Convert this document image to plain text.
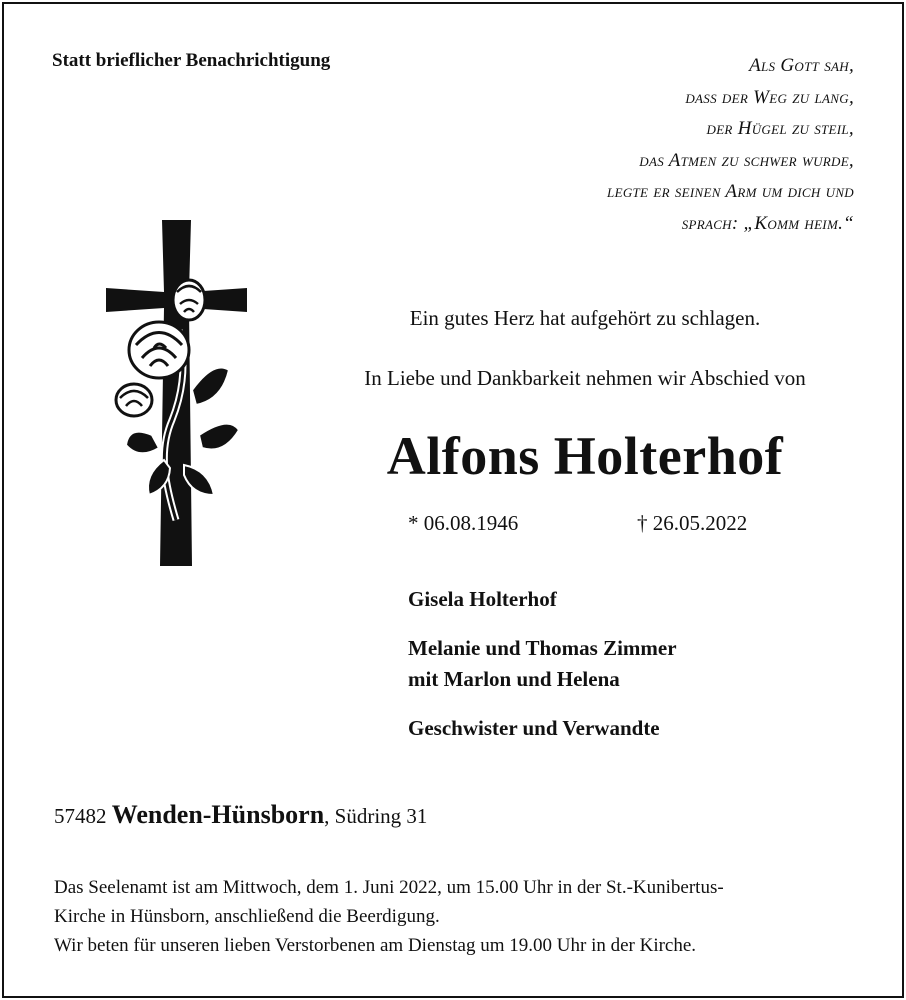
Statt brieflicher Benachrichtigung	Als Gott sah,
dass der Weg zu lang,
der Hügel zu steil,
das Atmen zu schwer wurde,
legte er seinen Arm um dich und
sprach: „Komm heim.“
Ein gutes Herz hat aufgehört zu schlagen.
In Liebe und Dankbarkeit nehmen wir Abschied von
Alfons Holterhof
* 06.08.1946	† 26.05.2022
Gisela Holterhof
Melanie und Thomas Zimmer
mit Marlon und Helena
Geschwister und Verwandte
57482 Wenden-Hünsborn, Südring 31
Das Seelenamt ist am Mittwoch, dem 1. Juni 2022, um 15.00 Uhr in der St.-Kunibertus-
Kirche in Hünsborn, anschließend die Beerdigung.
Wir beten für unseren lieben Verstorbenen am Dienstag um 19.00 Uhr in der Kirche.
